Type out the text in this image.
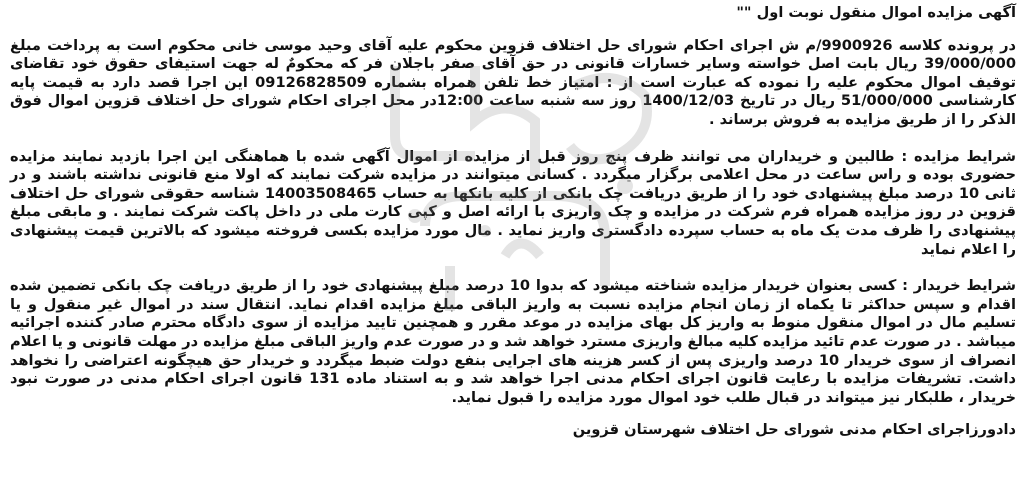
آگهی مزایده اموال منقول نوبت اول ""

در پرونده کلاسه 9900926/م ش اجرای احکام شورای حل اختلاف قزوین محکوم علیه آقای وحید موسی خانی محکوم است به پرداخت مبلغ 39/000/000 ریال بابت اصل خواسته وسایر خسارات قانونی در حق آقای صفر باجلان فر که محکومٌ له جهت استیفای حقوق خود تقاضای توقیف اموال محکوم علیه را نموده که عبارت است از : امتیاز خط تلفن همراه بشماره 09126828509 این اجرا قصد دارد به قیمت پایه کارشناسی 51/000/000 ریال در تاریخ 1400/12/03 روز سه شنبه ساعت 12:00در محل اجرای احکام شورای حل اختلاف قزوین اموال فوق الذکر را از طریق مزایده به فروش برساند .

شرایط مزایده : طالبین و خریداران می توانند ظرف پنج روز قبل از مزایده از اموال آگهی شده با هماهنگی این اجرا بازدید نمایند مزایده حضوری بوده و راس ساعت در محل اعلامی برگزار میگردد . کسانی میتوانند در مزایده شرکت نمایند که اولا منع قانونی نداشته باشند و در ثانی 10 درصد مبلغ پیشنهادی خود را از طریق دریافت چک بانکی از کلیه بانکها به حساب 14003508465 شناسه حقوقی شورای حل اختلاف قزوین در روز مزایده همراه فرم شرکت در مزایده و چک واریزی با ارائه اصل و کپی کارت ملی در داخل پاکت شرکت نمایند . و مابقی مبلغ پیشنهادی را ظرف مدت یک ماه به حساب سپرده دادگستری واریز نماید . مال مورد مزایده بکسی فروخته میشود که بالاترین قیمت پیشنهادی را اعلام نماید

شرایط خریدار : کسی بعنوان خریدار مزایده شناخته میشود که بدوا 10 درصد مبلغ پیشنهادی خود را از طریق دریافت چک بانکی تضمین شده اقدام و سپس حداکثر تا یکماه از زمان انجام مزایده نسبت به واریز الباقی مبلغ مزایده اقدام نماید. انتقال سند در اموال غیر منقول و یا تسلیم مال در اموال منقول منوط به واریز کل بهای مزایده در موعد مقرر و همچنین تایید مزایده از سوی دادگاه محترم صادر کننده اجرائیه میباشد . در صورت عدم تائید مزایده کلیه مبالغ واریزی مسترد خواهد شد و در صورت عدم واریز الباقی مبلغ مزایده در مهلت قانونی و یا اعلام انصراف از سوی خریدار 10 درصد واریزی پس از کسر هزینه های اجرایی بنفع دولت ضبط میگردد و خریدار حق هیچگونه اعتراضی را نخواهد داشت. تشریفات مزایده با رعایت قانون اجرای احکام مدنی اجرا خواهد شد و به استناد ماده 131 قانون اجرای احکام مدنی در صورت نبود خریدار ، طلبکار نیز میتواند در قبال طلب خود اموال مورد مزایده را قبول نماید.

دادورزاجرای احکام مدنی شورای حل اختلاف شهرستان قزوین
